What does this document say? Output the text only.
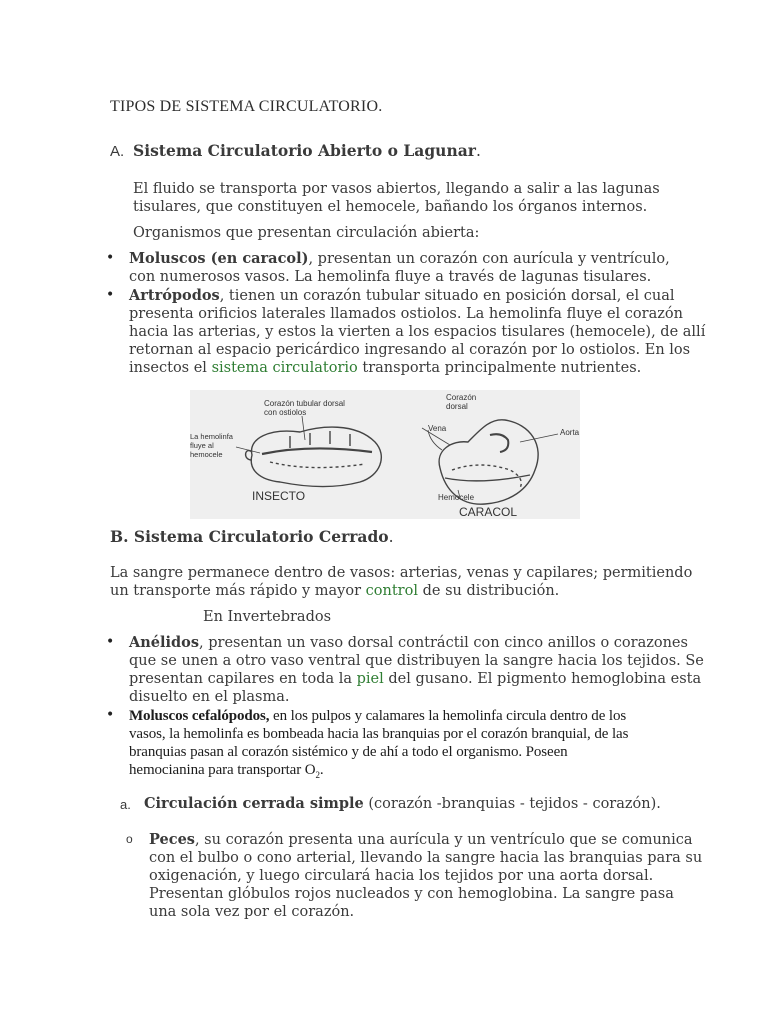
TIPOS DE SISTEMA CIRCULATORIO.
A. Sistema Circulatorio Abierto o Lagunar.
El fluido se transporta por vasos abiertos, llegando a salir a las lagunas
tisulares, que constituyen el hemocele, bañando los órganos internos.
Organismos que presentan circulación abierta:
• Moluscos (en caracol), presentan un corazón con aurícula y ventrículo,
con numerosos vasos. La hemolinfa fluye a través de lagunas tisulares.
• Artrópodos, tienen un corazón tubular situado en posición dorsal, el cual
presenta orificios laterales llamados ostiolos. La hemolinfa fluye el corazón
hacia las arterias, y estos la vierten a los espacios tisulares (hemocele), de allí
retornan al espacio pericárdico ingresando al corazón por lo ostiolos. En los
insectos el sistema circulatorio transporta principalmente nutrientes.
Corazón tubular dorsal
con ostiolos
La hemolinfa
fluye al
hemocele
INSECTO
Corazón
dorsal
Vena	Aorta
Hemocele
CARACOL
B. Sistema Circulatorio Cerrado.
La sangre permanece dentro de vasos: arterias, venas y capilares; permitiendo
un transporte más rápido y mayor control de su distribución.
En Invertebrados
• Anélidos, presentan un vaso dorsal contráctil con cinco anillos o corazones
que se unen a otro vaso ventral que distribuyen la sangre hacia los tejidos. Se
presentan capilares en toda la piel del gusano. El pigmento hemoglobina esta
disuelto en el plasma.
• Moluscos cefalópodos, en los pulpos y calamares la hemolinfa circula dentro de los
vasos, la hemolinfa es bombeada hacia las branquias por el corazón branquial, de las
branquias pasan al corazón sistémico y de ahí a todo el organismo. Poseen
hemocianina para transportar $O_2$.
a. Circulación cerrada simple (corazón -branquias - tejidos - corazón).
o Peces, su corazón presenta una aurícula y un ventrículo que se comunica
con el bulbo o cono arterial, llevando la sangre hacia las branquias para su
oxigenación, y luego circulará hacia los tejidos por una aorta dorsal.
Presentan glóbulos rojos nucleados y con hemoglobina. La sangre pasa
una sola vez por el corazón.
